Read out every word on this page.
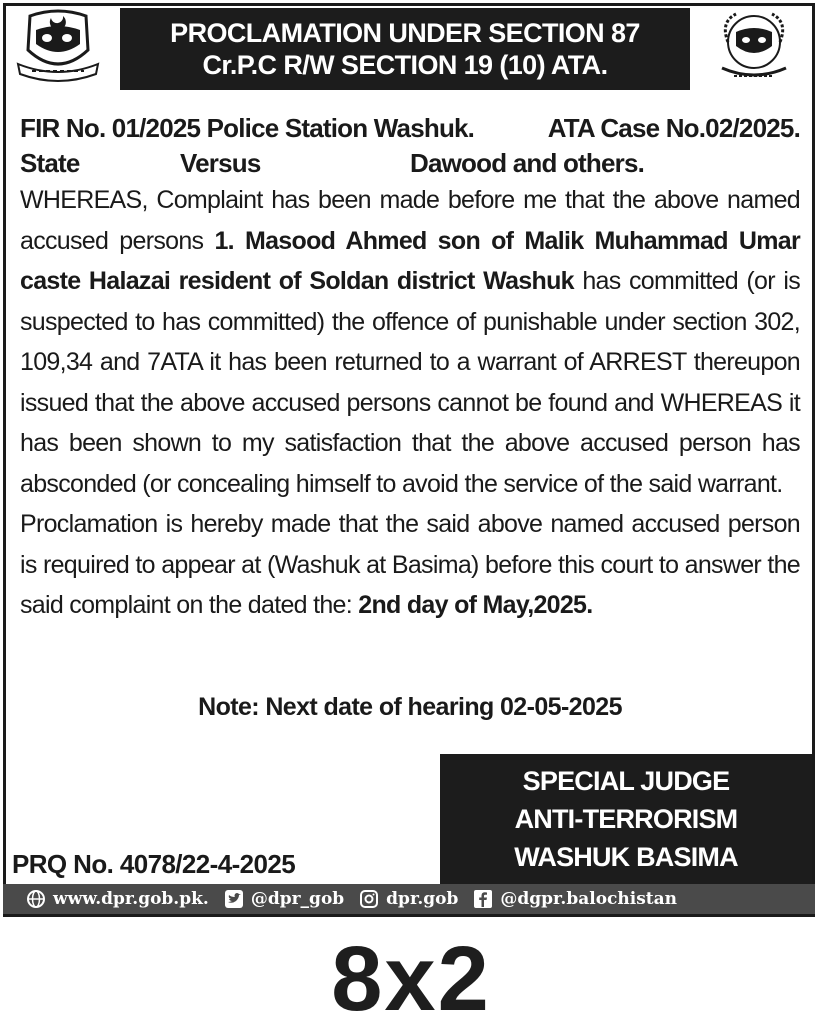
PROCLAMATION UNDER SECTION 87
Cr.P.C R/W SECTION 19 (10) ATA.
FIR No. 01/2025 Police Station Washuk.	ATA Case No.02/2025.
State	Versus	Dawood and others.

WHEREAS, Complaint has been made before me that the above named accused persons 1. Masood Ahmed son of Malik Muhammad Umar caste Halazai resident of Soldan district Washuk has committed (or is suspected to has committed) the offence of punishable under section 302, 109,34 and 7ATA it has been returned to a warrant of ARREST thereupon issued that the above accused persons cannot be found and WHEREAS it has been shown to my satisfaction that the above accused person has absconded (or concealing himself to avoid the service of the said warrant.

Proclamation is hereby made that the said above named accused person is required to appear at (Washuk at Basima) before this court to answer the said complaint on the dated the: 2nd day of May,2025.

Note: Next date of hearing 02-05-2025
SPECIAL JUDGE
ANTI-TERRORISM
WASHUK BASIMA
PRQ No. 4078/22-4-2025
www.dpr.gob.pk. @dpr_gob dpr.gob @dgpr.balochistan
8x2
